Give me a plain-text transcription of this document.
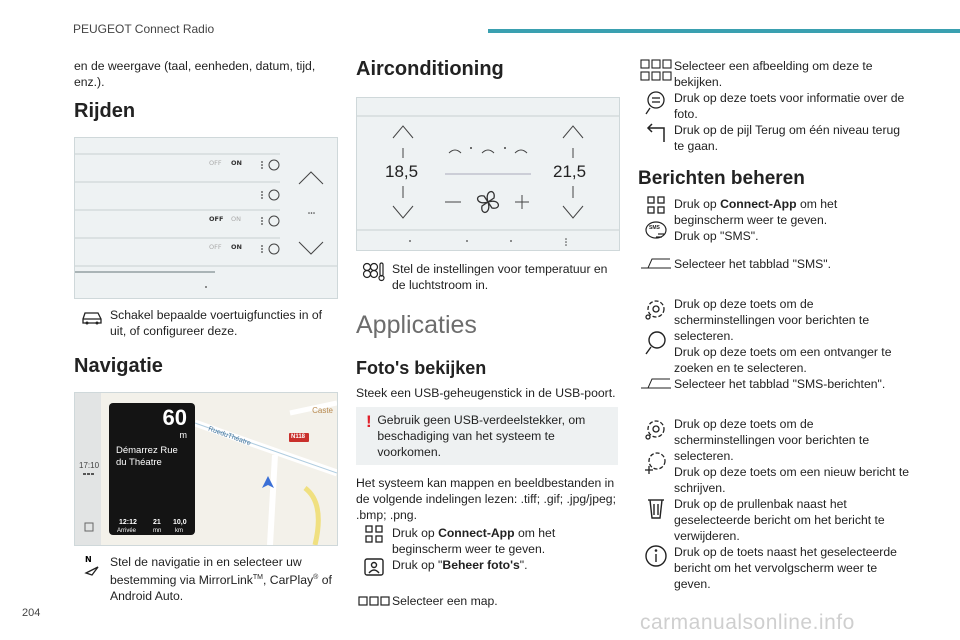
PEUGEOT Connect Radio
204	carmanualsonline.info

en de weergave (taal, eenheden, datum, tijd, enz.).

Rijden
OFF ON
OFF ON
OFF ON

Schakel bepaalde voertuigfuncties in of uit, of configureer deze.

Navigatie
Caste
RueduThéatre	N118
17:10
60
m
Démarrez Rue du Théatre
12:12
Arrivée
21
mn
10,0
km
N Stel de navigatie in en selecteer uw bestemming via MirrorLink™, CarPlay® of Android Auto.

Airconditioning
18,5	21,5

Stel de instellingen voor temperatuur en de luchtstroom in.

Applicaties
Foto's bekijken

Steek een USB-geheugenstick in de USB-poort.

! Gebruik geen USB-verdeelstekker, om beschadiging van het systeem te voorkomen.

Het systeem kan mappen en beeldbestanden in de volgende indelingen lezen: .tiff; .gif; .jpg/jpeg; .bmp; .png.

Druk op Connect-App om het beginscherm weer te geven.

Druk op "Beheer foto's".

Selecteer een map.

Selecteer een afbeelding om deze te bekijken.

Druk op deze toets voor informatie over de foto.

Druk op de pijl Terug om één niveau terug te gaan.

Berichten beheren

Druk op Connect-App om het beginscherm weer te geven.

SMS

Druk op "SMS".

Selecteer het tabblad "SMS".

Druk op deze toets om de scherminstellingen voor berichten te selecteren.

Druk op deze toets om een ontvanger te zoeken en te selecteren.

Selecteer het tabblad "SMS-berichten".

Druk op deze toets om de scherminstellingen voor berichten te selecteren.

Druk op deze toets om een nieuw bericht te schrijven.

Druk op de prullenbak naast het geselecteerde bericht om het bericht te verwijderen.

Druk op de toets naast het geselecteerde bericht om het vervolgscherm weer te geven.
